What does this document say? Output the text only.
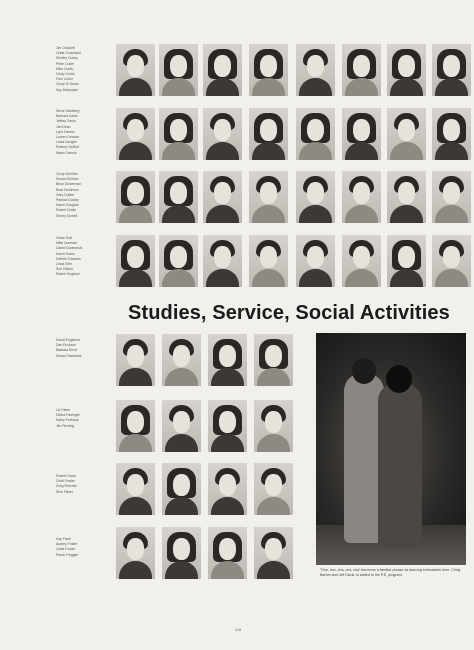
Jim Crockett
Linda Crossland
Shelley Curley
Peter Cutler
Mike Curtis
Cindy Curtis
Pam Cutler
Cindy Di Santo
Kay Dalrymple
Steve Dahlberg
Barbara Davis
Jeffrey Davis
Jan Dean
Lynn Dennis
Lauren Deacon
Linda Dengler
Rodney DeBolt
Karen Dennis
Cindy DeVries
Susan DeVries
Brian Dickerman
Brad Dickinson
Gary Dobbs
Patricia Dooley
Karen Douglas
Robert Drake
Sherry Dowell
Vickie Duff
Mike Dunham
Daniel Dwarshuis
Karen Eaton
Debbie Edwards
Linda Eiler
Sue Ellison
Robert England
David Engstrom
Dan Erickson
Barbara Ernst
Susan Fairbanks
Liz Faber
Debra Farringer
Kathy Feeback
Jim Fleming
Robert Foust
Cindi Fowler
Greg Fletcher
Rich Fisher
Kay Flach
Audrey Foster
Linda Fowler
Paula Freggen
Studies, Service, Social Activities
"One, two, cha, cha, cha" becomes a familiar phrase as dancing enthusiasts here, Cindy Barton and Jeff Davis, is added to the P.E. program.
118
